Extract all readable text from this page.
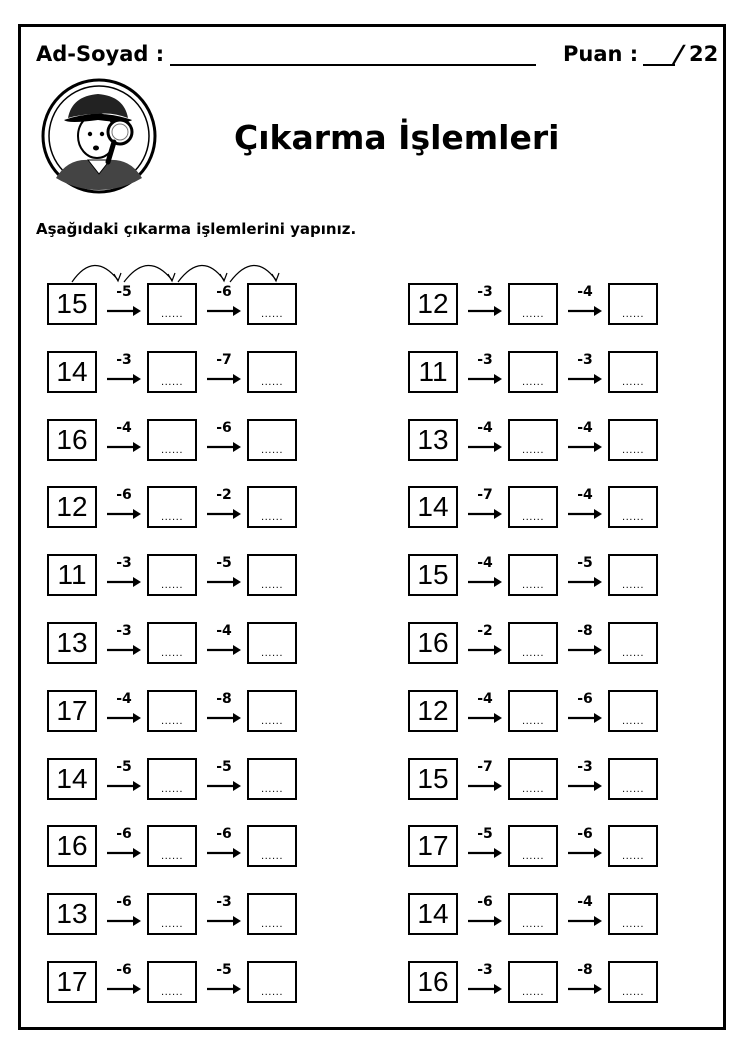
Ad-Soyad :	Puan : / 22
Çıkarma İşlemleri
Aşağıdaki çıkarma işlemlerini yapınız.
15	-5
......
-6
......
14	-3
......
-7
......
16	-4
......
-6
......
12	-6
......
-2
......
11	-3
......
-5
......
13	-3
......
-4
......
17	-4
......
-8
......
14	-5
......
-5
......
16	-6
......
-6
......
13	-6
......
-3
......
17	-6
......
-5
......
12	-3
......
-4
......
11	-3
......
-3
......
13	-4
......
-4
......
14	-7
......
-4
......
15	-4
......
-5
......
16	-2
......
-8
......
12	-4
......
-6
......
15	-7
......
-3
......
17	-5
......
-6
......
14	-6
......
-4
......
16	-3
......
-8
......
